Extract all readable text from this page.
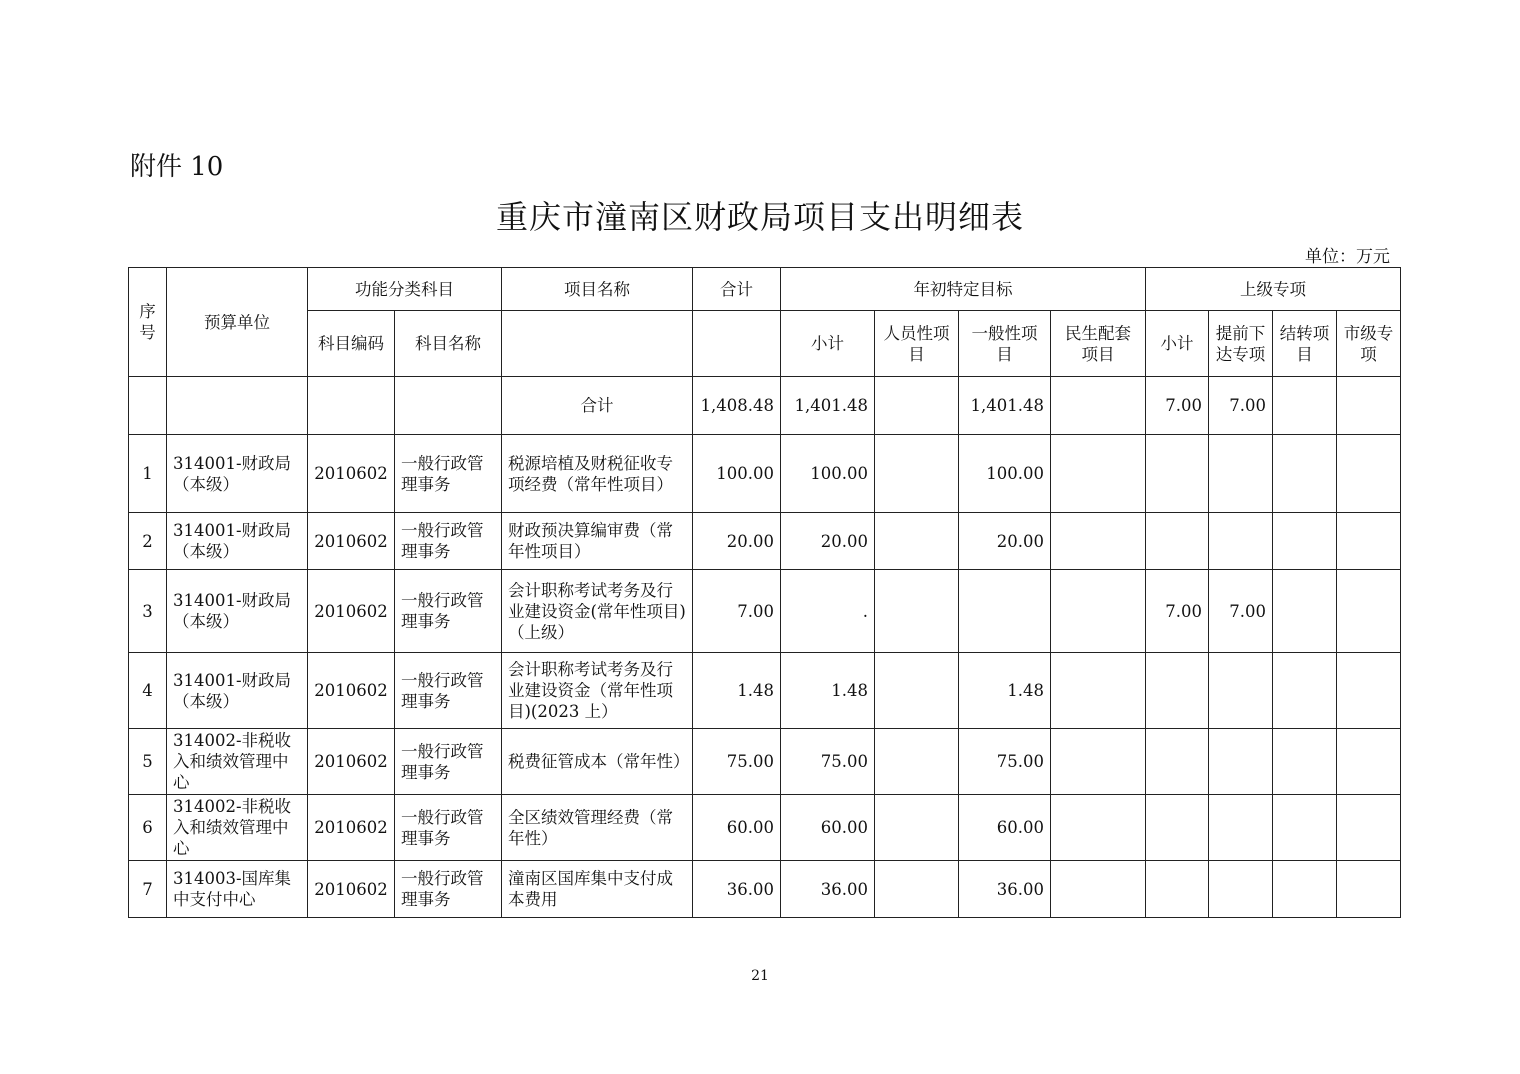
附件 10
重庆市潼南区财政局项目支出明细表
单位：万元
序号	预算单位	功能分类科目		项目名称	合计	年初特定目标				上级专项			
		科目编码	科目名称			小计	人员性项目	一般性项目	民生配套项目	小计	提前下达专项	结转项目	市级专项
				合计	1,408.48	1,401.48		1,401.48		7.00	7.00		
1	314001-财政局（本级）	2010602	一般行政管理事务	税源培植及财税征收专项经费（常年性项目）	100.00	100.00		100.00					
2	314001-财政局（本级）	2010602	一般行政管理事务	财政预决算编审费（常年性项目）	20.00	20.00		20.00					
3	314001-财政局（本级）	2010602	一般行政管理事务	会计职称考试考务及行业建设资金(常年性项目)（上级）	7.00	.				7.00	7.00		
4	314001-财政局（本级）	2010602	一般行政管理事务	会计职称考试考务及行业建设资金（常年性项目)(2023 上）	1.48	1.48		1.48					
5	314002-非税收入和绩效管理中心	2010602	一般行政管理事务	税费征管成本（常年性）	75.00	75.00		75.00					
6	314002-非税收入和绩效管理中心	2010602	一般行政管理事务	全区绩效管理经费（常年性）	60.00	60.00		60.00					
7	314003-国库集中支付中心	2010602	一般行政管理事务	潼南区国库集中支付成本费用	36.00	36.00		36.00					
21
